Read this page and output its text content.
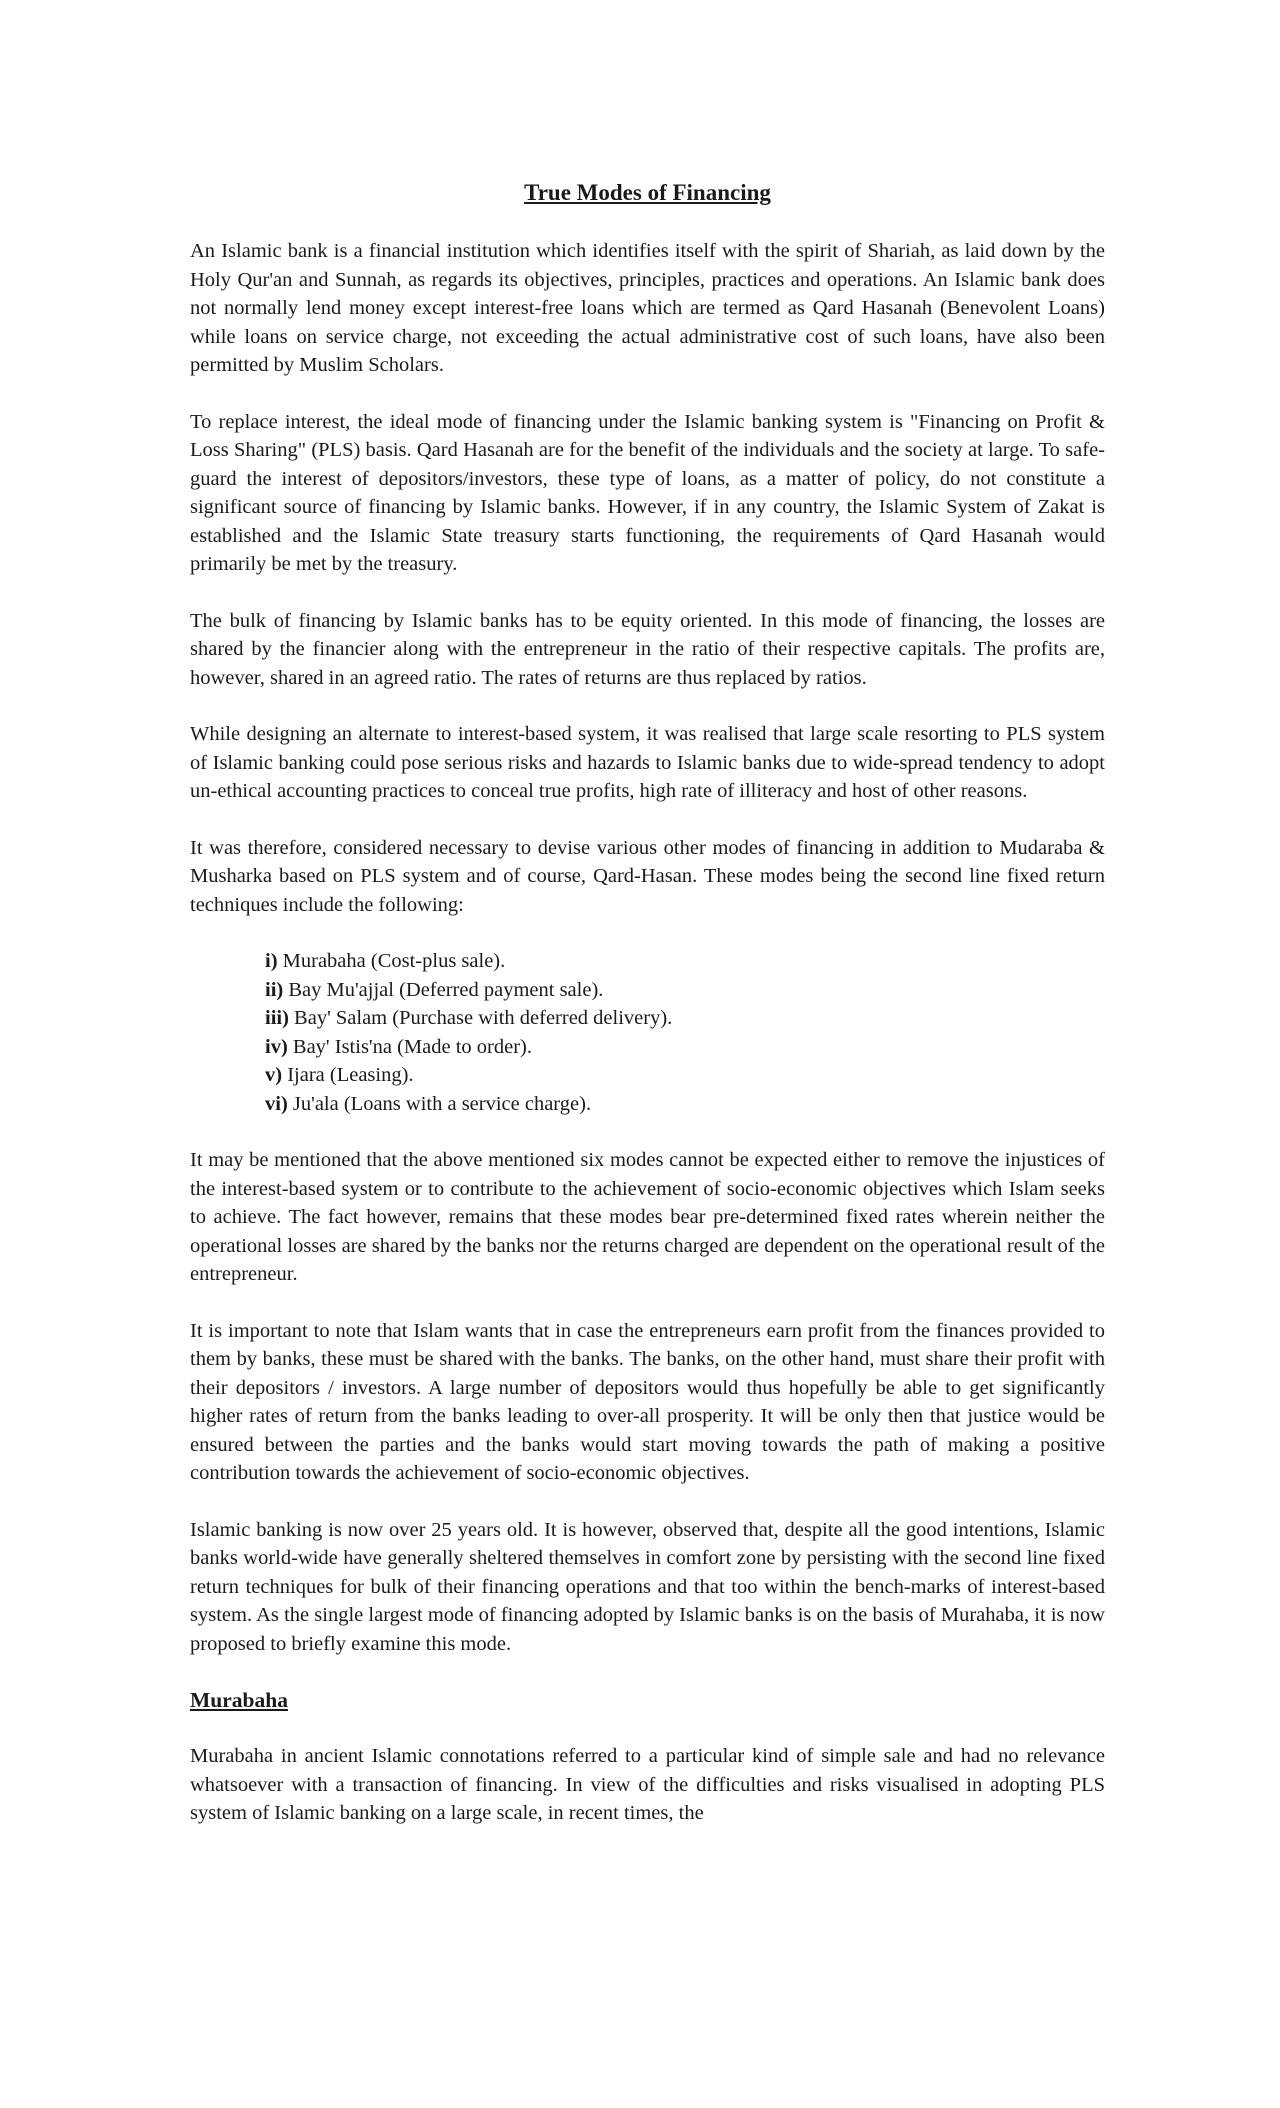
True Modes of Financing

An Islamic bank is a financial institution which identifies itself with the spirit of Shariah, as laid down by the Holy Qur'an and Sunnah, as regards its objectives, principles, practices and operations. An Islamic bank does not normally lend money except interest-free loans which are termed as Qard Hasanah (Benevolent Loans) while loans on service charge, not exceeding the actual administrative cost of such loans, have also been permitted by Muslim Scholars.

To replace interest, the ideal mode of financing under the Islamic banking system is "Financing on Profit & Loss Sharing" (PLS) basis. Qard Hasanah are for the benefit of the individuals and the society at large. To safe-guard the interest of depositors/investors, these type of loans, as a matter of policy, do not constitute a significant source of financing by Islamic banks. However, if in any country, the Islamic System of Zakat is established and the Islamic State treasury starts functioning, the requirements of Qard Hasanah would primarily be met by the treasury.

The bulk of financing by Islamic banks has to be equity oriented. In this mode of financing, the losses are shared by the financier along with the entrepreneur in the ratio of their respective capitals. The profits are, however, shared in an agreed ratio. The rates of returns are thus replaced by ratios.

While designing an alternate to interest-based system, it was realised that large scale resorting to PLS system of Islamic banking could pose serious risks and hazards to Islamic banks due to wide-spread tendency to adopt un-ethical accounting practices to conceal true profits, high rate of illiteracy and host of other reasons.

It was therefore, considered necessary to devise various other modes of financing in addition to Mudaraba & Musharka based on PLS system and of course, Qard-Hasan. These modes being the second line fixed return techniques include the following:

i) Murabaha (Cost-plus sale).
ii) Bay Mu'ajjal (Deferred payment sale).
iii) Bay' Salam (Purchase with deferred delivery).
iv) Bay' Istis'na (Made to order).
v) Ijara (Leasing).
vi) Ju'ala (Loans with a service charge).

It may be mentioned that the above mentioned six modes cannot be expected either to remove the injustices of the interest-based system or to contribute to the achievement of socio-economic objectives which Islam seeks to achieve. The fact however, remains that these modes bear pre-determined fixed rates wherein neither the operational losses are shared by the banks nor the returns charged are dependent on the operational result of the entrepreneur.

It is important to note that Islam wants that in case the entrepreneurs earn profit from the finances provided to them by banks, these must be shared with the banks. The banks, on the other hand, must share their profit with their depositors / investors. A large number of depositors would thus hopefully be able to get significantly higher rates of return from the banks leading to over-all prosperity. It will be only then that justice would be ensured between the parties and the banks would start moving towards the path of making a positive contribution towards the achievement of socio-economic objectives.

Islamic banking is now over 25 years old. It is however, observed that, despite all the good intentions, Islamic banks world-wide have generally sheltered themselves in comfort zone by persisting with the second line fixed return techniques for bulk of their financing operations and that too within the bench-marks of interest-based system. As the single largest mode of financing adopted by Islamic banks is on the basis of Murahaba, it is now proposed to briefly examine this mode.

Murabaha

Murabaha in ancient Islamic connotations referred to a particular kind of simple sale and had no relevance whatsoever with a transaction of financing. In view of the difficulties and risks visualised in adopting PLS system of Islamic banking on a large scale, in recent times, the
